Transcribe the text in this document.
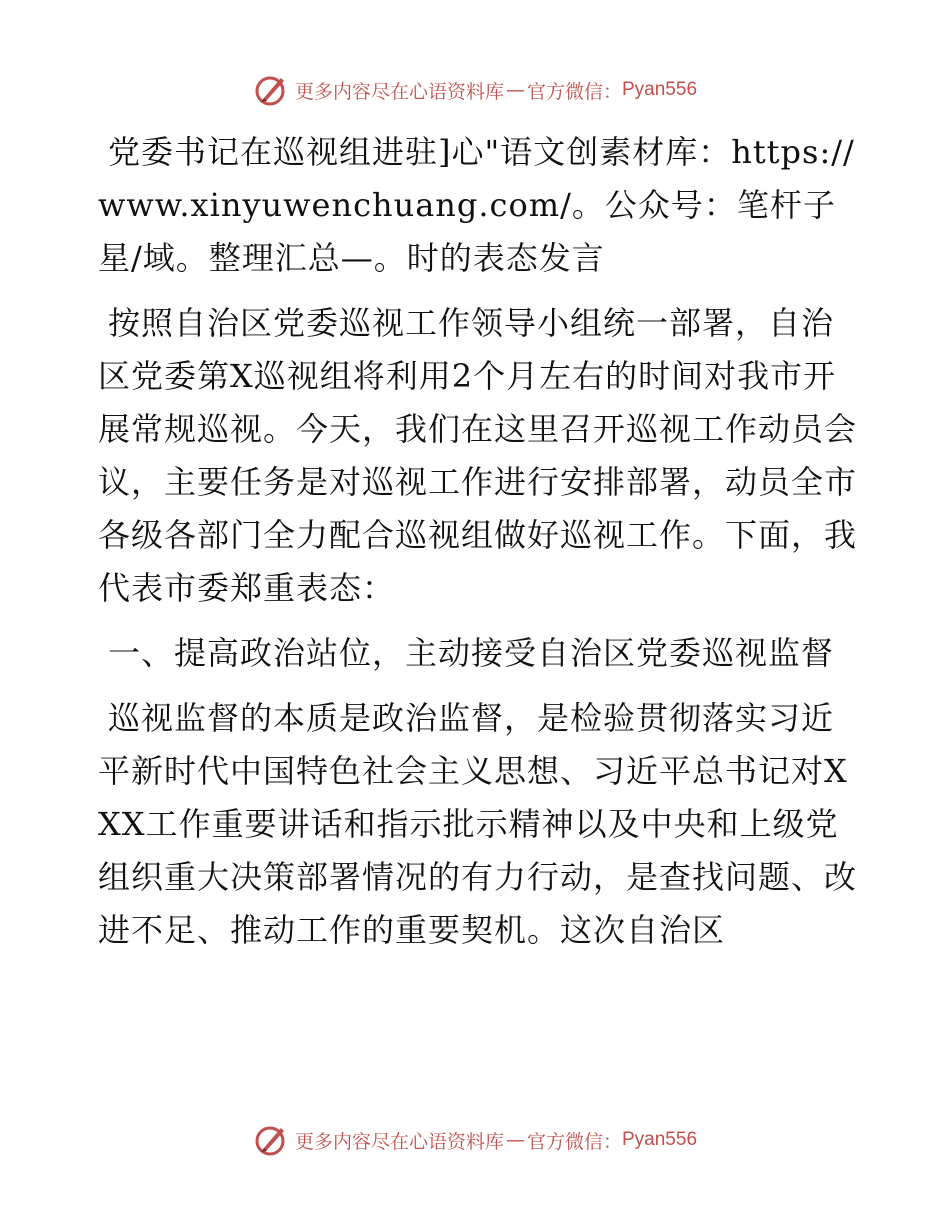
更多内容尽在心语资料库 — 官方微信： Pyan556

党委书记在巡视组进驻]心"语文创素材库：https://www.xinyuwenchuang.com/。公众号：笔杆子星/域。整理汇总—。时的表态发言

按照自治区党委巡视工作领导小组统一部署，自治区党委第X巡视组将利用2个月左右的时间对我市开展常规巡视。今天，我们在这里召开巡视工作动员会议，主要任务是对巡视工作进行安排部署，动员全市各级各部门全力配合巡视组做好巡视工作。下面，我代表市委郑重表态：

一、提高政治站位，主动接受自治区党委巡视监督

巡视监督的本质是政治监督，是检验贯彻落实习近平新时代中国特色社会主义思想、习近平总书记对XXX工作重要讲话和指示批示精神以及中央和上级党组织重大决策部署情况的有力行动，是查找问题、改进不足、推动工作的重要契机。这次自治区

更多内容尽在心语资料库 — 官方微信： Pyan556
